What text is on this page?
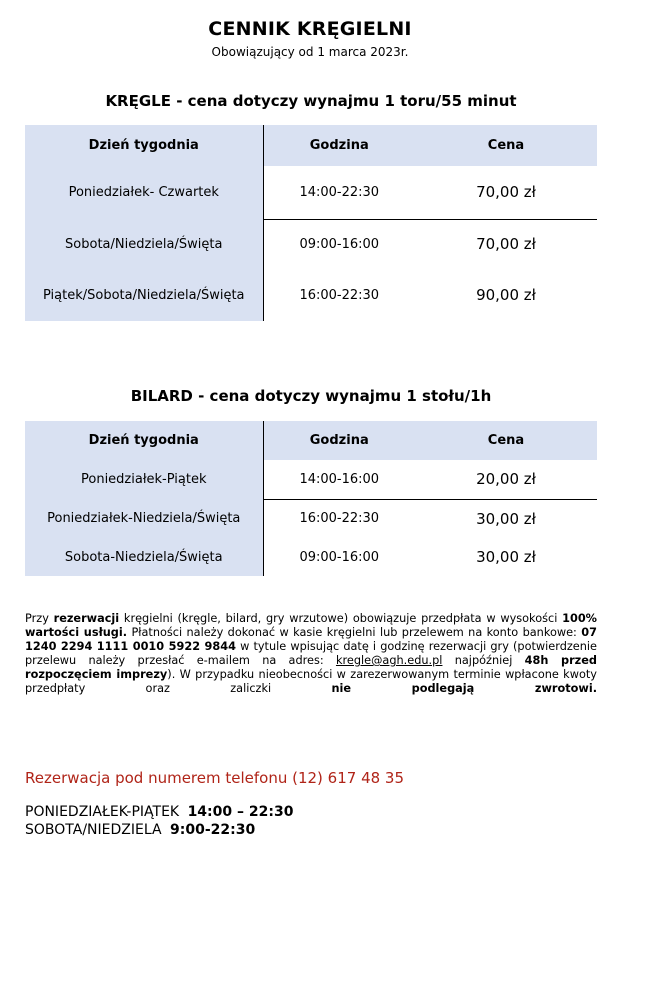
CENNIK KRĘGIELNI
Obowiązujący od 1 marca 2023r.
KRĘGLE - cena dotyczy wynajmu 1 toru/55 minut
Dzień tygodnia	Godzina	Cena
Poniedziałek- Czwartek	14:00-22:30	70,00 zł
Sobota/Niedziela/Święta	09:00-16:00	70,00 zł
Piątek/Sobota/Niedziela/Święta	16:00-22:30	90,00 zł
BILARD - cena dotyczy wynajmu 1 stołu/1h
Dzień tygodnia	Godzina	Cena
Poniedziałek-Piątek	14:00-16:00	20,00 zł
Poniedziałek-Niedziela/Święta	16:00-22:30	30,00 zł
Sobota-Niedziela/Święta	09:00-16:00	30,00 zł
Przy rezerwacji kręgielni (kręgle, bilard, gry wrzutowe) obowiązuje przedpłata w wysokości 100% wartości usługi. Płatności należy dokonać w kasie kręgielni lub przelewem na konto bankowe: 07 1240 2294 1111 0010 5922 9844 w tytule wpisując datę i godzinę rezerwacji gry (potwierdzenie przelewu należy przesłać e-mailem na adres: kregle@agh.edu.pl najpóźniej 48h przed rozpoczęciem imprezy). W przypadku nieobecności w zarezerwowanym terminie wpłacone kwoty przedpłaty oraz zaliczki nie podlegają zwrotowi.
Rezerwacja pod numerem telefonu (12) 617 48 35
PONIEDZIAŁEK-PIĄTEK 14:00 – 22:30
SOBOTA/NIEDZIELA 9:00-22:30
